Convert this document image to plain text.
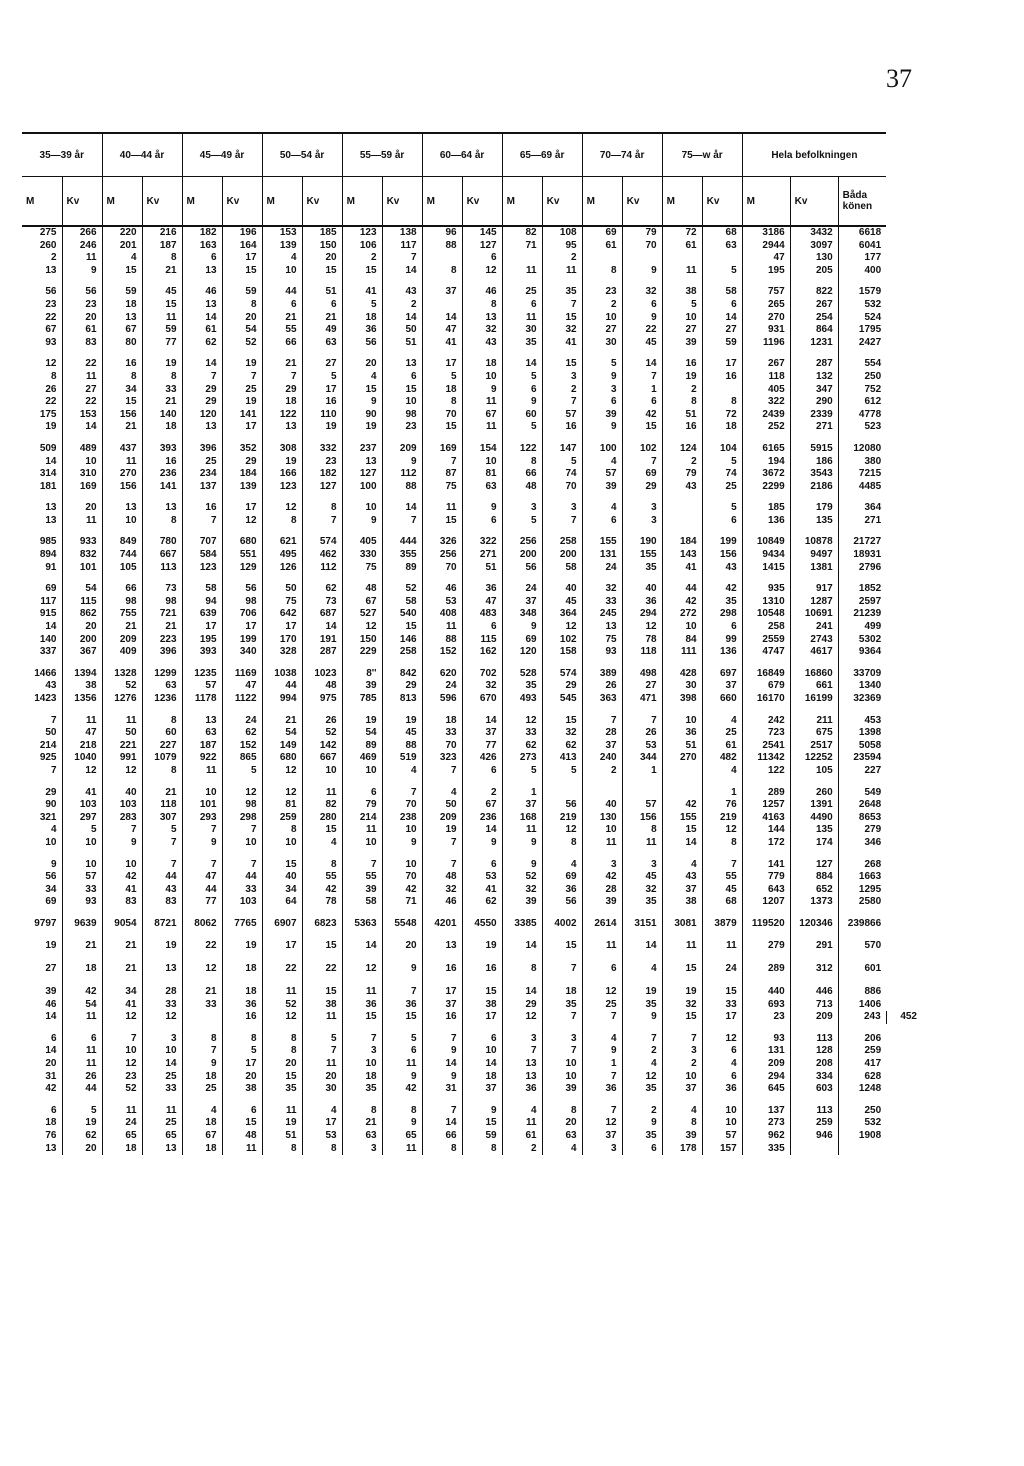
37
35—39 år		40—44 år		45—49 år		50—54 år		55—59 år		60—64 år		65—69 år		70—74 år		75—w år		Hela befolkningen			
M	Kv	M	Kv	M	Kv	M	Kv	M	Kv	M	Kv	M	Kv	M	Kv	M	Kv	M	Kv	Båda könen	
275	266	220	216	182	196	153	185	123	138	96	145	82	108	69	79	72	68	3186	3432	6618	
260	246	201	187	163	164	139	150	106	117	88	127	71	95	61	70	61	63	2944	3097	6041	
2	11	4	8	6	17	4	20	2	7		6		2					47	130	177	
13	9	15	21	13	15	10	15	15	14	8	12	11	11	8	9	11	5	195	205	400	

56	56	59	45	46	59	44	51	41	43	37	46	25	35	23	32	38	58	757	822	1579	
23	23	18	15	13	8	6	6	5	2		8	6	7	2	6	5	6	265	267	532	
22	20	13	11	14	20	21	21	18	14	14	13	11	15	10	9	10	14	270	254	524	
67	61	67	59	61	54	55	49	36	50	47	32	30	32	27	22	27	27	931	864	1795	
93	83	80	77	62	52	66	63	56	51	41	43	35	41	30	45	39	59	1196	1231	2427	

12	22	16	19	14	19	21	27	20	13	17	18	14	15	5	14	16	17	267	287	554	
8	11	8	8	7	7	7	5	4	6	5	10	5	3	9	7	19	16	118	132	250	
26	27	34	33	29	25	29	17	15	15	18	9	6	2	3	1	2		405	347	752	
22	22	15	21	29	19	18	16	9	10	8	11	9	7	6	6	8	8	322	290	612	
175	153	156	140	120	141	122	110	90	98	70	67	60	57	39	42	51	72	2439	2339	4778	
19	14	21	18	13	17	13	19	19	23	15	11	5	16	9	15	16	18	252	271	523	

509	489	437	393	396	352	308	332	237	209	169	154	122	147	100	102	124	104	6165	5915	12080	
14	10	11	16	25	29	19	23	13	9	7	10	8	5	4	7	2	5	194	186	380	
314	310	270	236	234	184	166	182	127	112	87	81	66	74	57	69	79	74	3672	3543	7215	
181	169	156	141	137	139	123	127	100	88	75	63	48	70	39	29	43	25	2299	2186	4485	

13	20	13	13	16	17	12	8	10	14	11	9	3	3	4	3		5	185	179	364	
13	11	10	8	7	12	8	7	9	7	15	6	5	7	6	3		6	136	135	271	

985	933	849	780	707	680	621	574	405	444	326	322	256	258	155	190	184	199	10849	10878	21727	
894	832	744	667	584	551	495	462	330	355	256	271	200	200	131	155	143	156	9434	9497	18931	
91	101	105	113	123	129	126	112	75	89	70	51	56	58	24	35	41	43	1415	1381	2796	

69	54	66	73	58	56	50	62	48	52	46	36	24	40	32	40	44	42	935	917	1852	
117	115	98	98	94	98	75	73	67	58	53	47	37	45	33	36	42	35	1310	1287	2597	
915	862	755	721	639	706	642	687	527	540	408	483	348	364	245	294	272	298	10548	10691	21239	
14	20	21	21	17	17	17	14	12	15	11	6	9	12	13	12	10	6	258	241	499	
140	200	209	223	195	199	170	191	150	146	88	115	69	102	75	78	84	99	2559	2743	5302	
337	367	409	396	393	340	328	287	229	258	152	162	120	158	93	118	111	136	4747	4617	9364	

1466	1394	1328	1299	1235	1169	1038	1023	8''	842	620	702	528	574	389	498	428	697	16849	16860	33709	
43	38	52	63	57	47	44	48	39	29	24	32	35	29	26	27	30	37	679	661	1340	
1423	1356	1276	1236	1178	1122	994	975	785	813	596	670	493	545	363	471	398	660	16170	16199	32369	

7	11	11	8	13	24	21	26	19	19	18	14	12	15	7	7	10	4	242	211	453	
50	47	50	60	63	62	54	52	54	45	33	37	33	32	28	26	36	25	723	675	1398	
214	218	221	227	187	152	149	142	89	88	70	77	62	62	37	53	51	61	2541	2517	5058	
925	1040	991	1079	922	865	680	667	469	519	323	426	273	413	240	344	270	482	11342	12252	23594	
7	12	12	8	11	5	12	10	10	4	7	6	5	5	2	1		4	122	105	227	

29	41	40	21	10	12	12	11	6	7	4	2	1					1	289	260	549	
90	103	103	118	101	98	81	82	79	70	50	67	37	56	40	57	42	76	1257	1391	2648	
321	297	283	307	293	298	259	280	214	238	209	236	168	219	130	156	155	219	4163	4490	8653	
4	5	7	5	7	7	8	15	11	10	19	14	11	12	10	8	15	12	144	135	279	
10	10	9	7	9	10	10	4	10	9	7	9	9	8	11	11	14	8	172	174	346	

9	10	10	7	7	7	15	8	7	10	7	6	9	4	3	3	4	7	141	127	268	
56	57	42	44	47	44	40	55	55	70	48	53	52	69	42	45	43	55	779	884	1663	
34	33	41	43	44	33	34	42	39	42	32	41	32	36	28	32	37	45	643	652	1295	
69	93	83	83	77	103	64	78	58	71	46	62	39	56	39	35	38	68	1207	1373	2580	

9797	9639	9054	8721	8062	7765	6907	6823	5363	5548	4201	4550	3385	4002	2614	3151	3081	3879	119520	120346	239866	

19	21	21	19	22	19	17	15	14	20	13	19	14	15	11	14	11	11	279	291	570	
27	18	21	13	12	18	22	22	12	9	16	16	8	7	6	4	15	24	289	312	601	
39	42	34	28	21	18	11	15	11	7	17	15	14	18	12	19	19	15	440	446	886	
46	54	41	33	33	36	52	38	36	36	37	38	29	35	25	35	32	33	693	713	1406	
14	11	12	12		16	12	11	15	15	16	17	12	7	7	9	15	17	23	209	243	452

6	6	7	3	8	8	8	5	7	5	7	6	3	3	4	7	7	12	93	113	206	
14	11	10	10	7	5	8	7	3	6	9	10	7	7	9	2	3	6	131	128	259	
20	11	12	14	9	17	20	11	10	11	14	14	13	10	1	4	2	4	209	208	417	
31	26	23	25	18	20	15	20	18	9	9	18	13	10	7	12	10	6	294	334	628	
42	44	52	33	25	38	35	30	35	42	31	37	36	39	36	35	37	36	645	603	1248	

6	5	11	11	4	6	11	4	8	8	7	9	4	8	7	2	4	10	137	113	250	
18	19	24	25	18	15	19	17	21	9	14	15	11	20	12	9	8	10	273	259	532	
76	62	65	65	67	48	51	53	63	65	66	59	61	63	37	35	39	57	962	946	1908	
13	20	18	13	18	11	8	8	3	11	8	8	2	4	3	6	178	157	335			
